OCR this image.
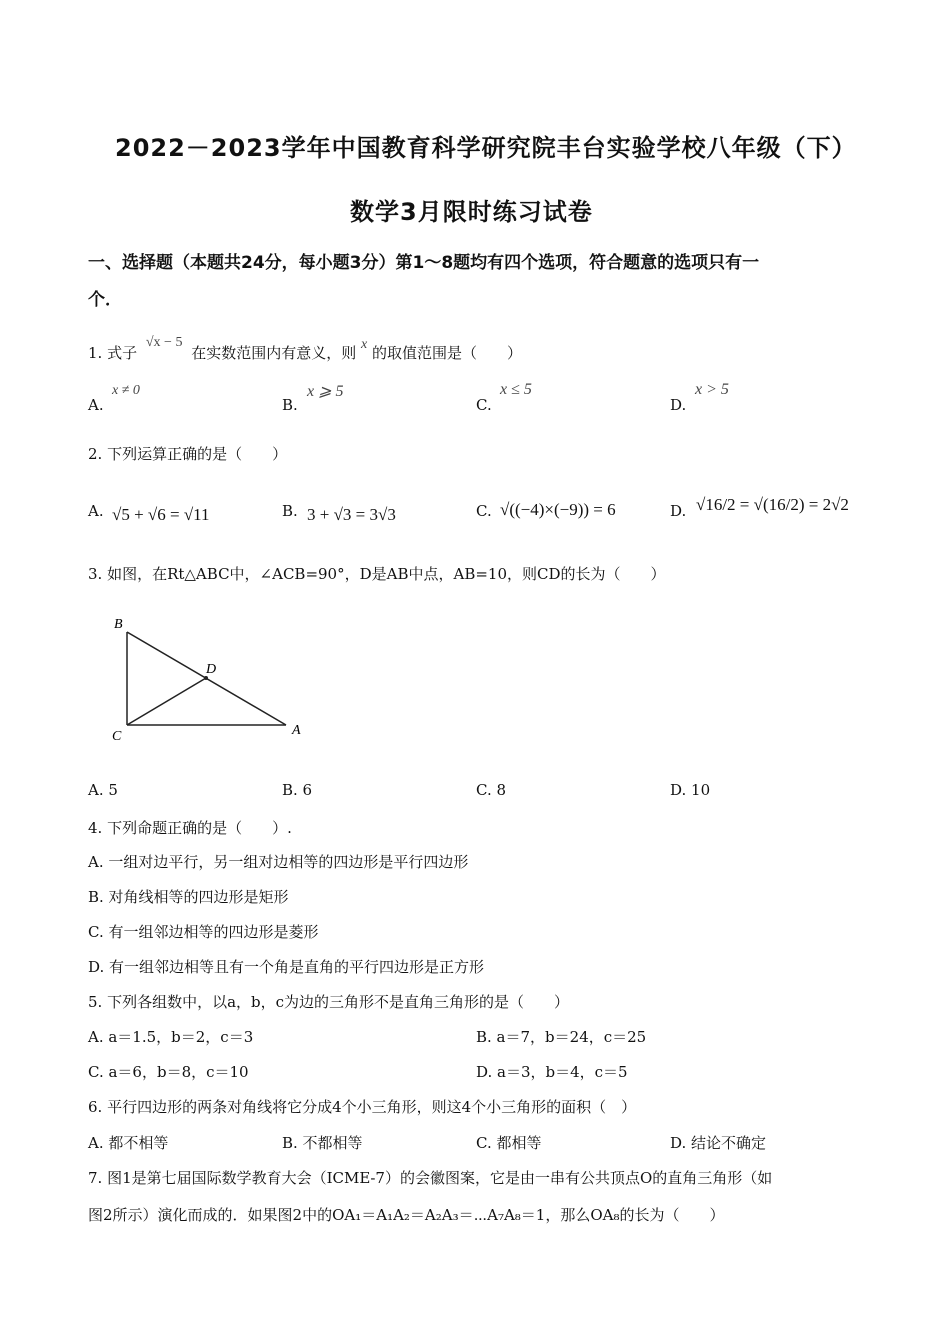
2022－2023学年中国教育科学研究院丰台实验学校八年级（下）
数学3月限时练习试卷
一、选择题（本题共24分，每小题3分）第1～8题均有四个选项，符合题意的选项只有一
个．
1. 式子 √x − 5 在实数范围内有意义，则 x 的取值范围是（　　）
A.
x ≠ 0
B.
x ⩾ 5
C.
x ≤ 5
D.
x > 5
2. 下列运算正确的是（　　）
A. √5 + √6 = √11	B. 3 + √3 = 3√3	C. √((−4)×(−9)) = 6	D. √16/2 = √(16/2) = 2√2
3. 如图，在Rt△ABC中，∠ACB=90°，D是AB中点，AB=10，则CD的长为（　　）
B
D
C	A
A. 5	B. 6	C. 8	D. 10
4. 下列命题正确的是（　　）.
A. 一组对边平行，另一组对边相等的四边形是平行四边形
B. 对角线相等的四边形是矩形
C. 有一组邻边相等的四边形是菱形
D. 有一组邻边相等且有一个角是直角的平行四边形是正方形
5. 下列各组数中，以a，b，c为边的三角形不是直角三角形的是（　　）
A. a＝1.5，b＝2，c＝3	B. a＝7，b＝24，c＝25
C. a＝6，b＝8，c＝10	D. a＝3，b＝4，c＝5
6. 平行四边形的两条对角线将它分成4个小三角形，则这4个小三角形的面积（　）
A. 都不相等	B. 不都相等	C. 都相等	D. 结论不确定
7. 图1是第七届国际数学教育大会（ICME‐7）的会徽图案，它是由一串有公共顶点O的直角三角形（如
图2所示）演化而成的．如果图2中的OA₁＝A₁A₂＝A₂A₃＝⋯A₇A₈＝1，那么OA₈的长为（　　）
